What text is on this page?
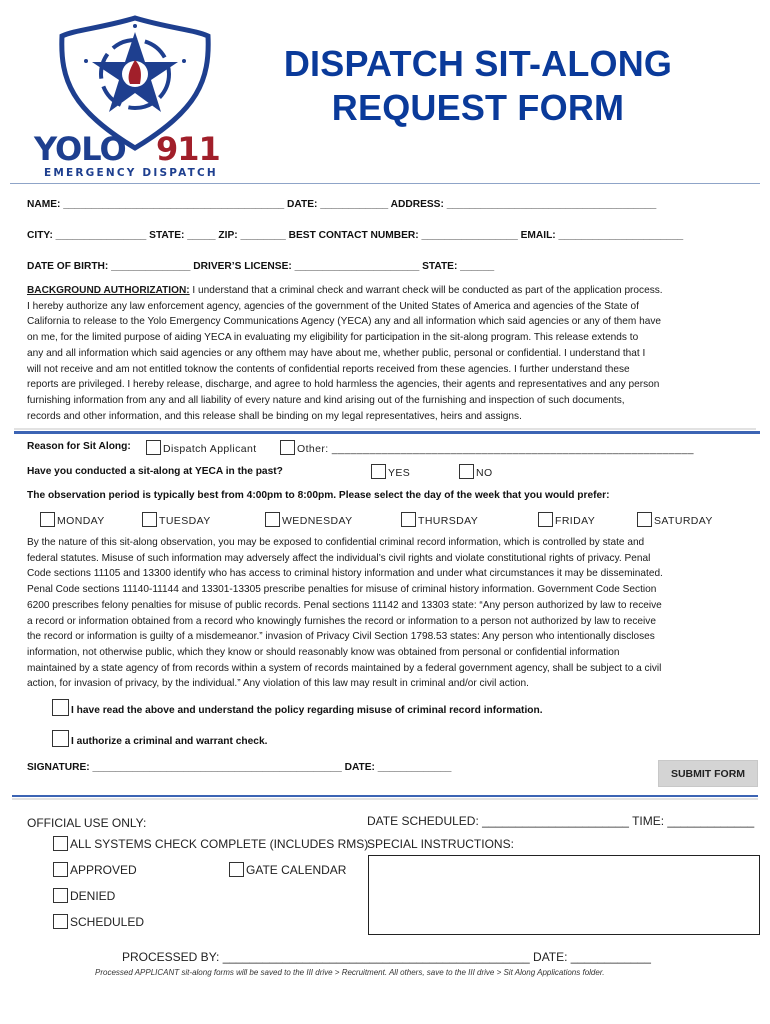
YOLO 911
EMERGENCY DISPATCH
DISPATCH SIT-ALONG
REQUEST FORM
NAME: _______________________________________ DATE: ____________ ADDRESS: _____________________________________
CITY: ________________ STATE: _____ ZIP: ________ BEST CONTACT NUMBER: _________________ EMAIL: ______________________
DATE OF BIRTH: ______________ DRIVER’S LICENSE: ______________________ STATE: ______

BACKGROUND AUTHORIZATION: I understand that a criminal check and warrant check will be conducted as part of the application process.

I hereby authorize any law enforcement agency, agencies of the government of the United States of America and agencies of the State of

California to release to the Yolo Emergency Communications Agency (YECA) any and all information which said agencies or any of them have

on me, for the limited purpose of aiding YECA in evaluating my eligibility for participation in the sit-along program. This release extends to

any and all information which said agencies or any ofthem may have about me, whether public, personal or confidential. I understand that I

will not receive and am not entitled toknow the contents of confidential reports received from these agencies. I further understand these

reports are privileged. I hereby release, discharge, and agree to hold harmless the agencies, their agents and representatives and any person

furnishing information from any and all liability of every nature and kind arising out of the furnishing and inspection of such documents,

records and other information, and this release shall be binding on my legal representatives, heirs and assigns.

Reason for Sit Along:	Dispatch Applicant	Other: __________________________________________________________
Have you conducted a sit-along at YECA in the past?	YES	NO
The observation period is typically best from 4:00pm to 8:00pm. Please select the day of the week that you would prefer:
MONDAY	TUESDAY	WEDNESDAY	THURSDAY	FRIDAY	SATURDAY

By the nature of this sit-along observation, you may be exposed to confidential criminal record information, which is controlled by state and

federal statutes. Misuse of such information may adversely affect the individual’s civil rights and violate constitutional rights of privacy. Penal

Code sections 11105 and 13300 identify who has access to criminal history information and under what circumstances it may be disseminated.

Penal Code sections 11140-11144 and 13301-13305 prescribe penalties for misuse of criminal history information. Government Code Section

6200 prescribes felony penalties for misuse of public records. Penal sections 11142 and 13303 state: “Any person authorized by law to receive

a record or information obtained from a record who knowingly furnishes the record or information to a person not authorized by law to receive

the record or information is guilty of a misdemeanor.” invasion of Privacy Civil Section 1798.53 states: Any person who intentionally discloses

information, not otherwise public, which they know or should reasonably know was obtained from personal or confidential information

maintained by a state agency of from records within a system of records maintained by a federal government agency, shall be subject to a civil

action, for invasion of privacy, by the individual.” Any violation of this law may result in criminal and/or civil action.

I have read the above and understand the policy regarding misuse of criminal record information.
I authorize a criminal and warrant check.
SIGNATURE: ____________________________________________ DATE: _____________
SUBMIT FORM
OFFICIAL USE ONLY:
ALL SYSTEMS CHECK COMPLETE (INCLUDES RMS)
APPROVED	GATE CALENDAR
DENIED
SCHEDULED
DATE SCHEDULED: ______________________ TIME: _____________
SPECIAL INSTRUCTIONS:
PROCESSED BY: ______________________________________________ DATE: ____________
Processed APPLICANT sit-along forms will be saved to the III drive > Recruitment. All others, save to the III drive > Sit Along Applications folder.
